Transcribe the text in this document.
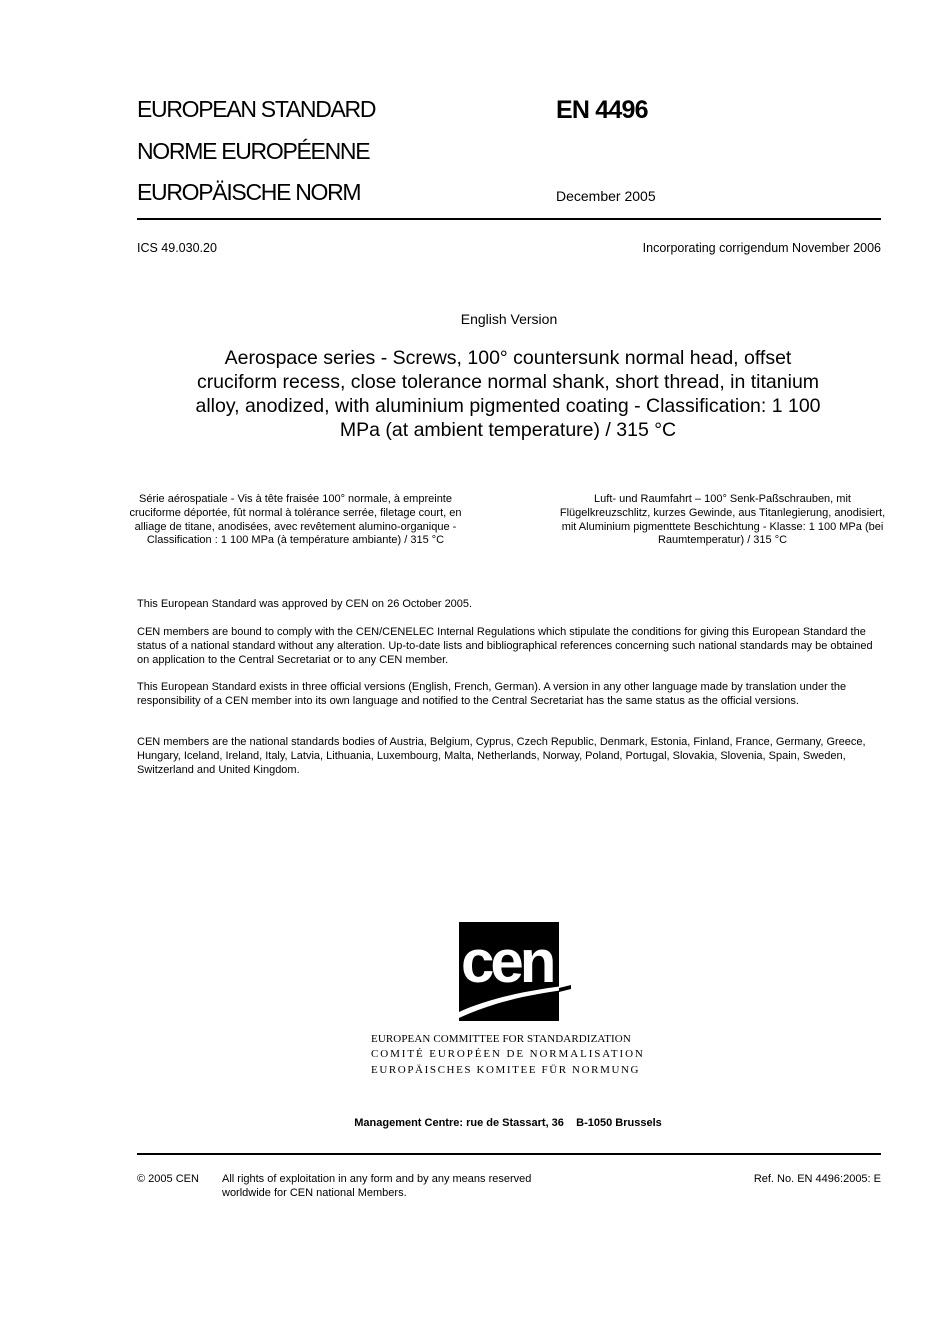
EUROPEAN STANDARD
NORME EUROPÉENNE
EUROPÄISCHE NORM
EN 4496
December 2005
ICS 49.030.20	Incorporating corrigendum November 2006
English Version
Aerospace series - Screws, 100° countersunk normal head, offset cruciform recess, close tolerance normal shank, short thread, in titanium alloy, anodized, with aluminium pigmented coating - Classification: 1 100 MPa (at ambient temperature) / 315 °C
Série aérospatiale - Vis à tête fraisée 100° normale, à empreinte cruciforme déportée, fût normal à tolérance serrée, filetage court, en alliage de titane, anodisées, avec revêtement alumino-organique - Classification : 1 100 MPa (à température ambiante) / 315 °C
Luft- und Raumfahrt – 100° Senk-Paßschrauben, mit Flügelkreuzschlitz, kurzes Gewinde, aus Titanlegierung, anodisiert, mit Aluminium pigmenttete Beschichtung - Klasse: 1 100 MPa (bei Raumtemperatur) / 315 °C
This European Standard was approved by CEN on 26 October 2005.
CEN members are bound to comply with the CEN/CENELEC Internal Regulations which stipulate the conditions for giving this European Standard the status of a national standard without any alteration. Up-to-date lists and bibliographical references concerning such national standards may be obtained on application to the Central Secretariat or to any CEN member.
This European Standard exists in three official versions (English, French, German). A version in any other language made by translation under the responsibility of a CEN member into its own language and notified to the Central Secretariat has the same status as the official versions.
CEN members are the national standards bodies of Austria, Belgium, Cyprus, Czech Republic, Denmark, Estonia, Finland, France, Germany, Greece, Hungary, Iceland, Ireland, Italy, Latvia, Lithuania, Luxembourg, Malta, Netherlands, Norway, Poland, Portugal, Slovakia, Slovenia, Spain, Sweden, Switzerland and United Kingdom.
cen
EUROPEAN COMMITTEE FOR STANDARDIZATION
COMITÉ EUROPÉEN DE NORMALISATION
EUROPÄISCHES KOMITEE FÜR NORMUNG
Management Centre: rue de Stassart, 36    B-1050 Brussels
© 2005 CEN All rights of exploitation in any form and by any means reserved
worldwide for CEN national Members.
Ref. No. EN 4496:2005: E
